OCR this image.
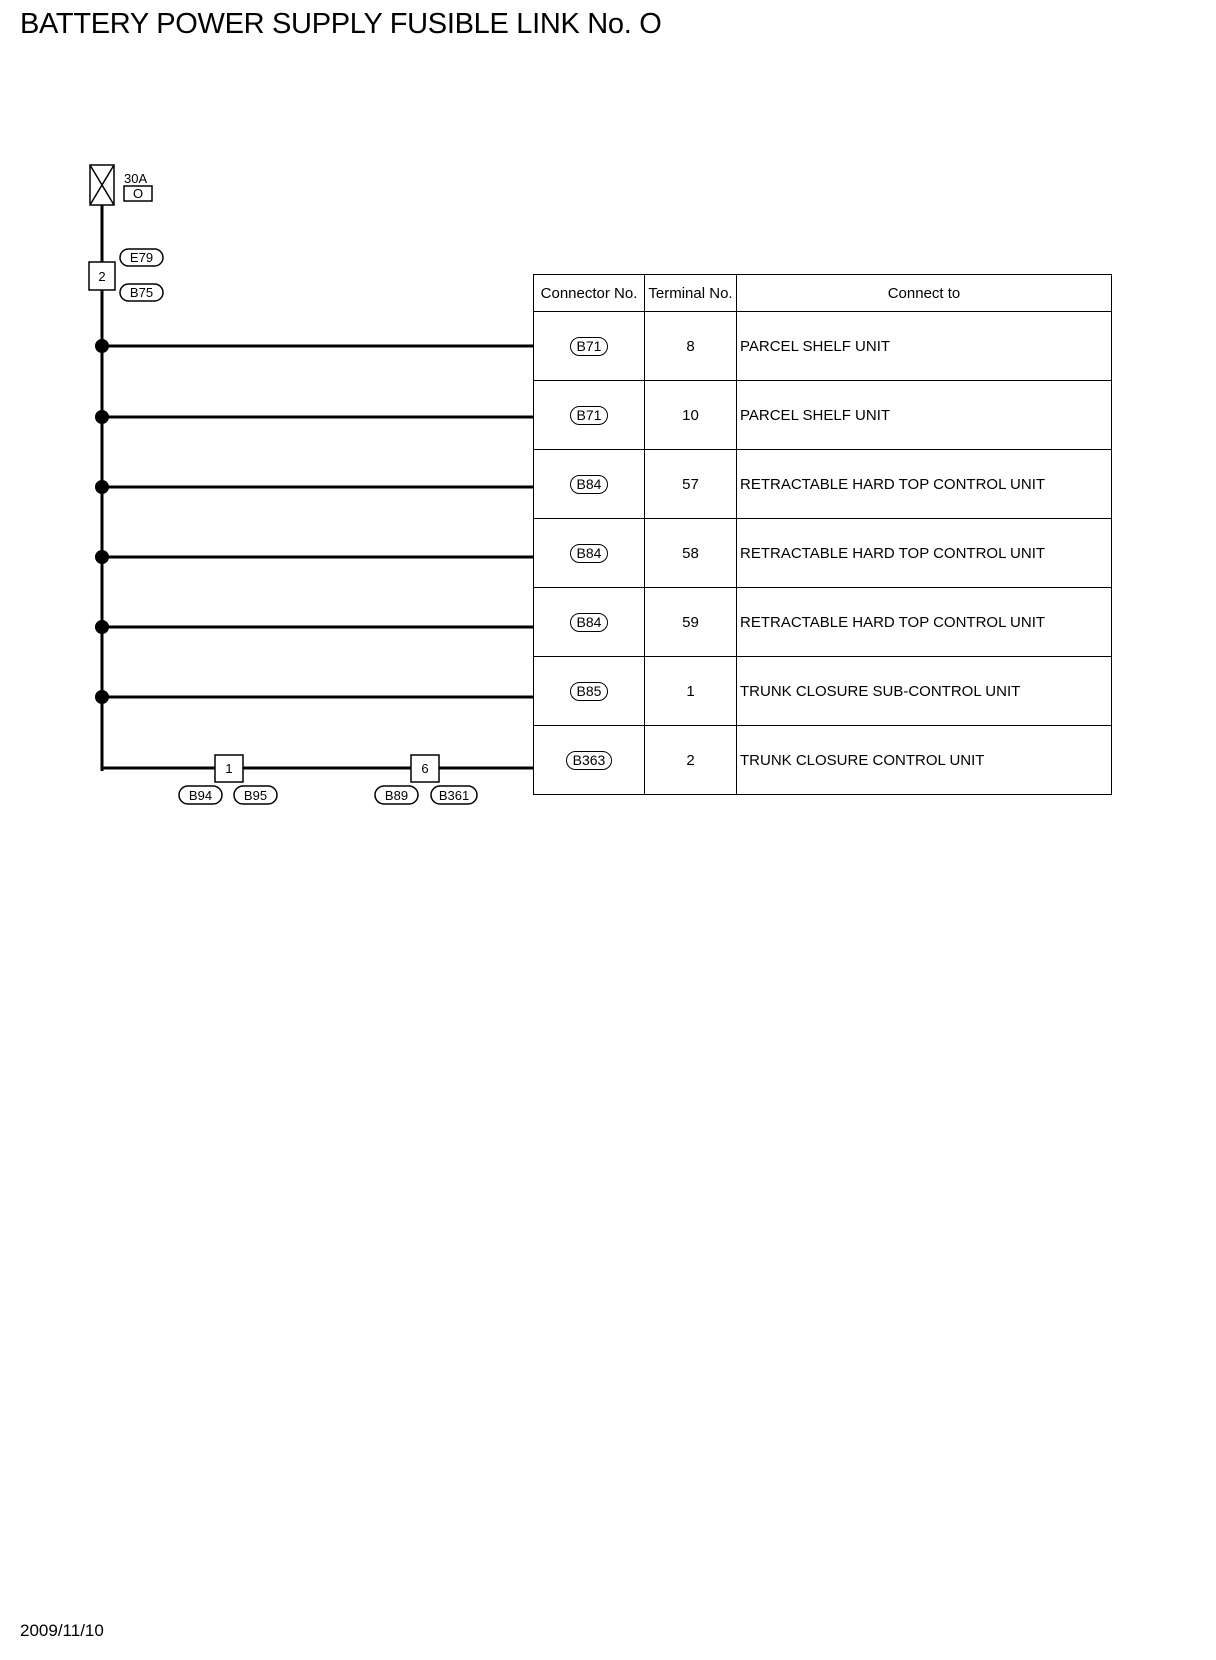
BATTERY POWER SUPPLY FUSIBLE LINK No. O
30A
O
2
E79
B75
1	6
B94 B95	B89 B361
Connector No.	Terminal No.	Connect to
B71	8	PARCEL SHELF UNIT
B71	10	PARCEL SHELF UNIT
B84	57	RETRACTABLE HARD TOP CONTROL UNIT
B84	58	RETRACTABLE HARD TOP CONTROL UNIT
B84	59	RETRACTABLE HARD TOP CONTROL UNIT
B85	1	TRUNK CLOSURE SUB-CONTROL UNIT
B363	2	TRUNK CLOSURE CONTROL UNIT
2009/11/10
